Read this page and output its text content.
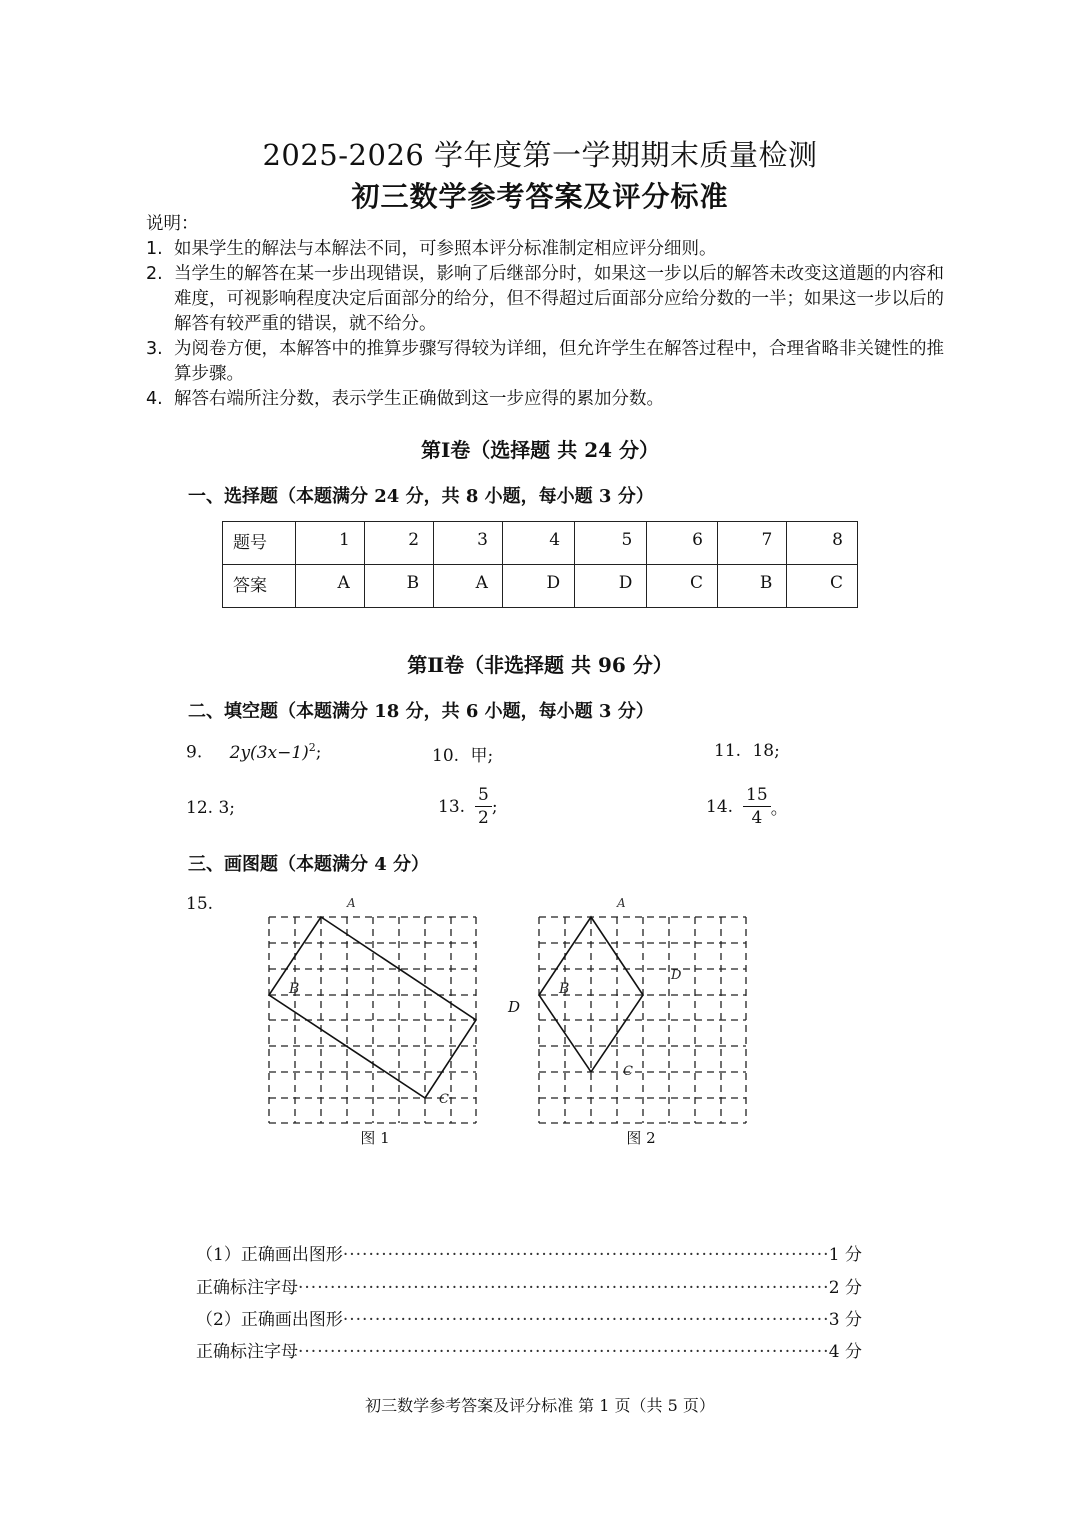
2025-2026 学年度第一学期期末质量检测
初三数学参考答案及评分标准
说明：
1. 如果学生的解法与本解法不同，可参照本评分标准制定相应评分细则。
2. 当学生的解答在某一步出现错误，影响了后继部分时，如果这一步以后的解答未改变这道题的内容和难度，可视影响程度决定后面部分的给分，但不得超过后面部分应给分数的一半；如果这一步以后的解答有较严重的错误，就不给分。
3. 为阅卷方便，本解答中的推算步骤写得较为详细，但允许学生在解答过程中，合理省略非关键性的推算步骤。
4. 解答右端所注分数，表示学生正确做到这一步应得的累加分数。
第Ⅰ卷（选择题 共 24 分）
一、选择题（本题满分 24 分，共 8 小题，每小题 3 分）
题号	1	2	3	4	5	6	7	8
答案	A	B	A	D	D	C	B	C
第Ⅱ卷（非选择题 共 96 分）
二、填空题（本题满分 18 分，共 6 小题，每小题 3 分）
9. $2y(3x-1)^2$;	10. 甲;	11. 18;
12. 3;	13. $\frac{5}{2}$ ;	14. $\frac{15}{4}$ 。
三、画图题（本题满分 4 分）
15.	A
B
C
图 1
D
A
B
C
D
图 2
（1）正确画出图形 ·····	1 分
正确标注字母 ·····	2 分
（2）正确画出图形 ·····	3 分
正确标注字母 ·····	4 分
初三数学参考答案及评分标准 第 1 页（共 5 页）
